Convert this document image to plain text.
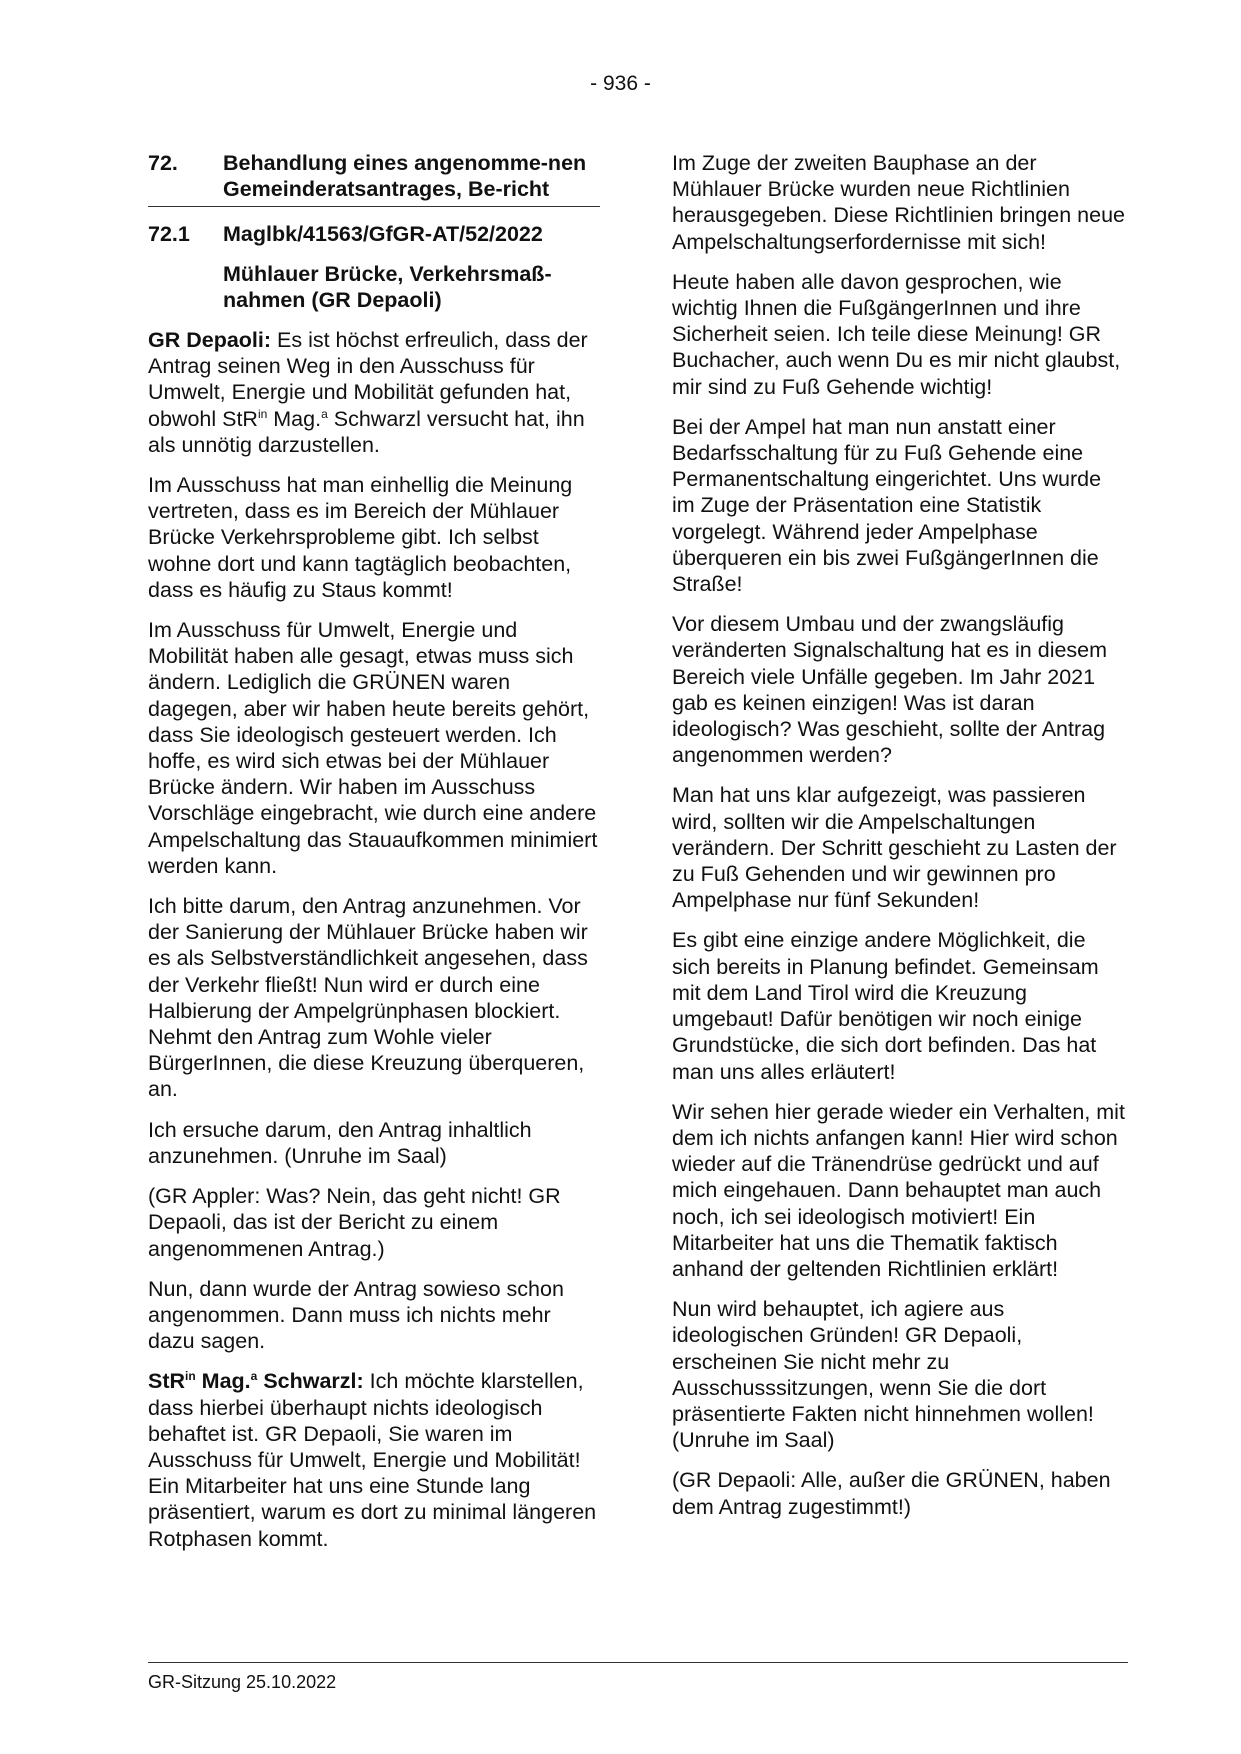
- 936 -
72.	Behandlung eines angenomme-nen Gemeinderatsantrages, Be-richt
72.1	Maglbk/41563/GfGR-AT/52/2022
Mühlauer Brücke, Verkehrsmaß-nahmen (GR Depaoli)

GR Depaoli: Es ist höchst erfreulich, dass der Antrag seinen Weg in den Ausschuss für Umwelt, Energie und Mobilität gefunden hat, obwohl StR$^{in}$ Mag.$^a$ Schwarzl versucht hat, ihn als unnötig darzustellen.

Im Ausschuss hat man einhellig die Meinung vertreten, dass es im Bereich der Mühlauer Brücke Verkehrsprobleme gibt. Ich selbst wohne dort und kann tagtäglich beobachten, dass es häufig zu Staus kommt!

Im Ausschuss für Umwelt, Energie und Mobilität haben alle gesagt, etwas muss sich ändern. Lediglich die GRÜNEN waren dagegen, aber wir haben heute bereits gehört, dass Sie ideologisch gesteuert werden. Ich hoffe, es wird sich etwas bei der Mühlauer Brücke ändern. Wir haben im Ausschuss Vorschläge eingebracht, wie durch eine andere Ampelschaltung das Stauaufkommen minimiert werden kann.

Ich bitte darum, den Antrag anzunehmen. Vor der Sanierung der Mühlauer Brücke haben wir es als Selbstverständlichkeit angesehen, dass der Verkehr fließt! Nun wird er durch eine Halbierung der Ampelgrünphasen blockiert. Nehmt den Antrag zum Wohle vieler BürgerInnen, die diese Kreuzung überqueren, an.

Ich ersuche darum, den Antrag inhaltlich anzunehmen. (Unruhe im Saal)

(GR Appler: Was? Nein, das geht nicht! GR Depaoli, das ist der Bericht zu einem angenommenen Antrag.)

Nun, dann wurde der Antrag sowieso schon angenommen. Dann muss ich nichts mehr dazu sagen.

StR$^{in}$ Mag.$^a$ Schwarzl: Ich möchte klarstellen, dass hierbei überhaupt nichts ideologisch behaftet ist. GR Depaoli, Sie waren im Ausschuss für Umwelt, Energie und Mobilität! Ein Mitarbeiter hat uns eine Stunde lang präsentiert, warum es dort zu minimal längeren Rotphasen kommt.

Im Zuge der zweiten Bauphase an der Mühlauer Brücke wurden neue Richtlinien herausgegeben. Diese Richtlinien bringen neue Ampelschaltungserfordernisse mit sich!

Heute haben alle davon gesprochen, wie wichtig Ihnen die FußgängerInnen und ihre Sicherheit seien. Ich teile diese Meinung! GR Buchacher, auch wenn Du es mir nicht glaubst, mir sind zu Fuß Gehende wichtig!

Bei der Ampel hat man nun anstatt einer Bedarfsschaltung für zu Fuß Gehende eine Permanentschaltung eingerichtet. Uns wurde im Zuge der Präsentation eine Statistik vorgelegt. Während jeder Ampelphase überqueren ein bis zwei FußgängerInnen die Straße!

Vor diesem Umbau und der zwangsläufig veränderten Signalschaltung hat es in diesem Bereich viele Unfälle gegeben. Im Jahr 2021 gab es keinen einzigen! Was ist daran ideologisch? Was geschieht, sollte der Antrag angenommen werden?

Man hat uns klar aufgezeigt, was passieren wird, sollten wir die Ampelschaltungen verändern. Der Schritt geschieht zu Lasten der zu Fuß Gehenden und wir gewinnen pro Ampelphase nur fünf Sekunden!

Es gibt eine einzige andere Möglichkeit, die sich bereits in Planung befindet. Gemeinsam mit dem Land Tirol wird die Kreuzung umgebaut! Dafür benötigen wir noch einige Grundstücke, die sich dort befinden. Das hat man uns alles erläutert!

Wir sehen hier gerade wieder ein Verhalten, mit dem ich nichts anfangen kann! Hier wird schon wieder auf die Tränendrüse gedrückt und auf mich eingehauen. Dann behauptet man auch noch, ich sei ideologisch motiviert! Ein Mitarbeiter hat uns die Thematik faktisch anhand der geltenden Richtlinien erklärt!

Nun wird behauptet, ich agiere aus ideologischen Gründen! GR Depaoli, erscheinen Sie nicht mehr zu Ausschusssitzungen, wenn Sie die dort präsentierte Fakten nicht hinnehmen wollen! (Unruhe im Saal)

(GR Depaoli: Alle, außer die GRÜNEN, haben dem Antrag zugestimmt!)

GR-Sitzung 25.10.2022
